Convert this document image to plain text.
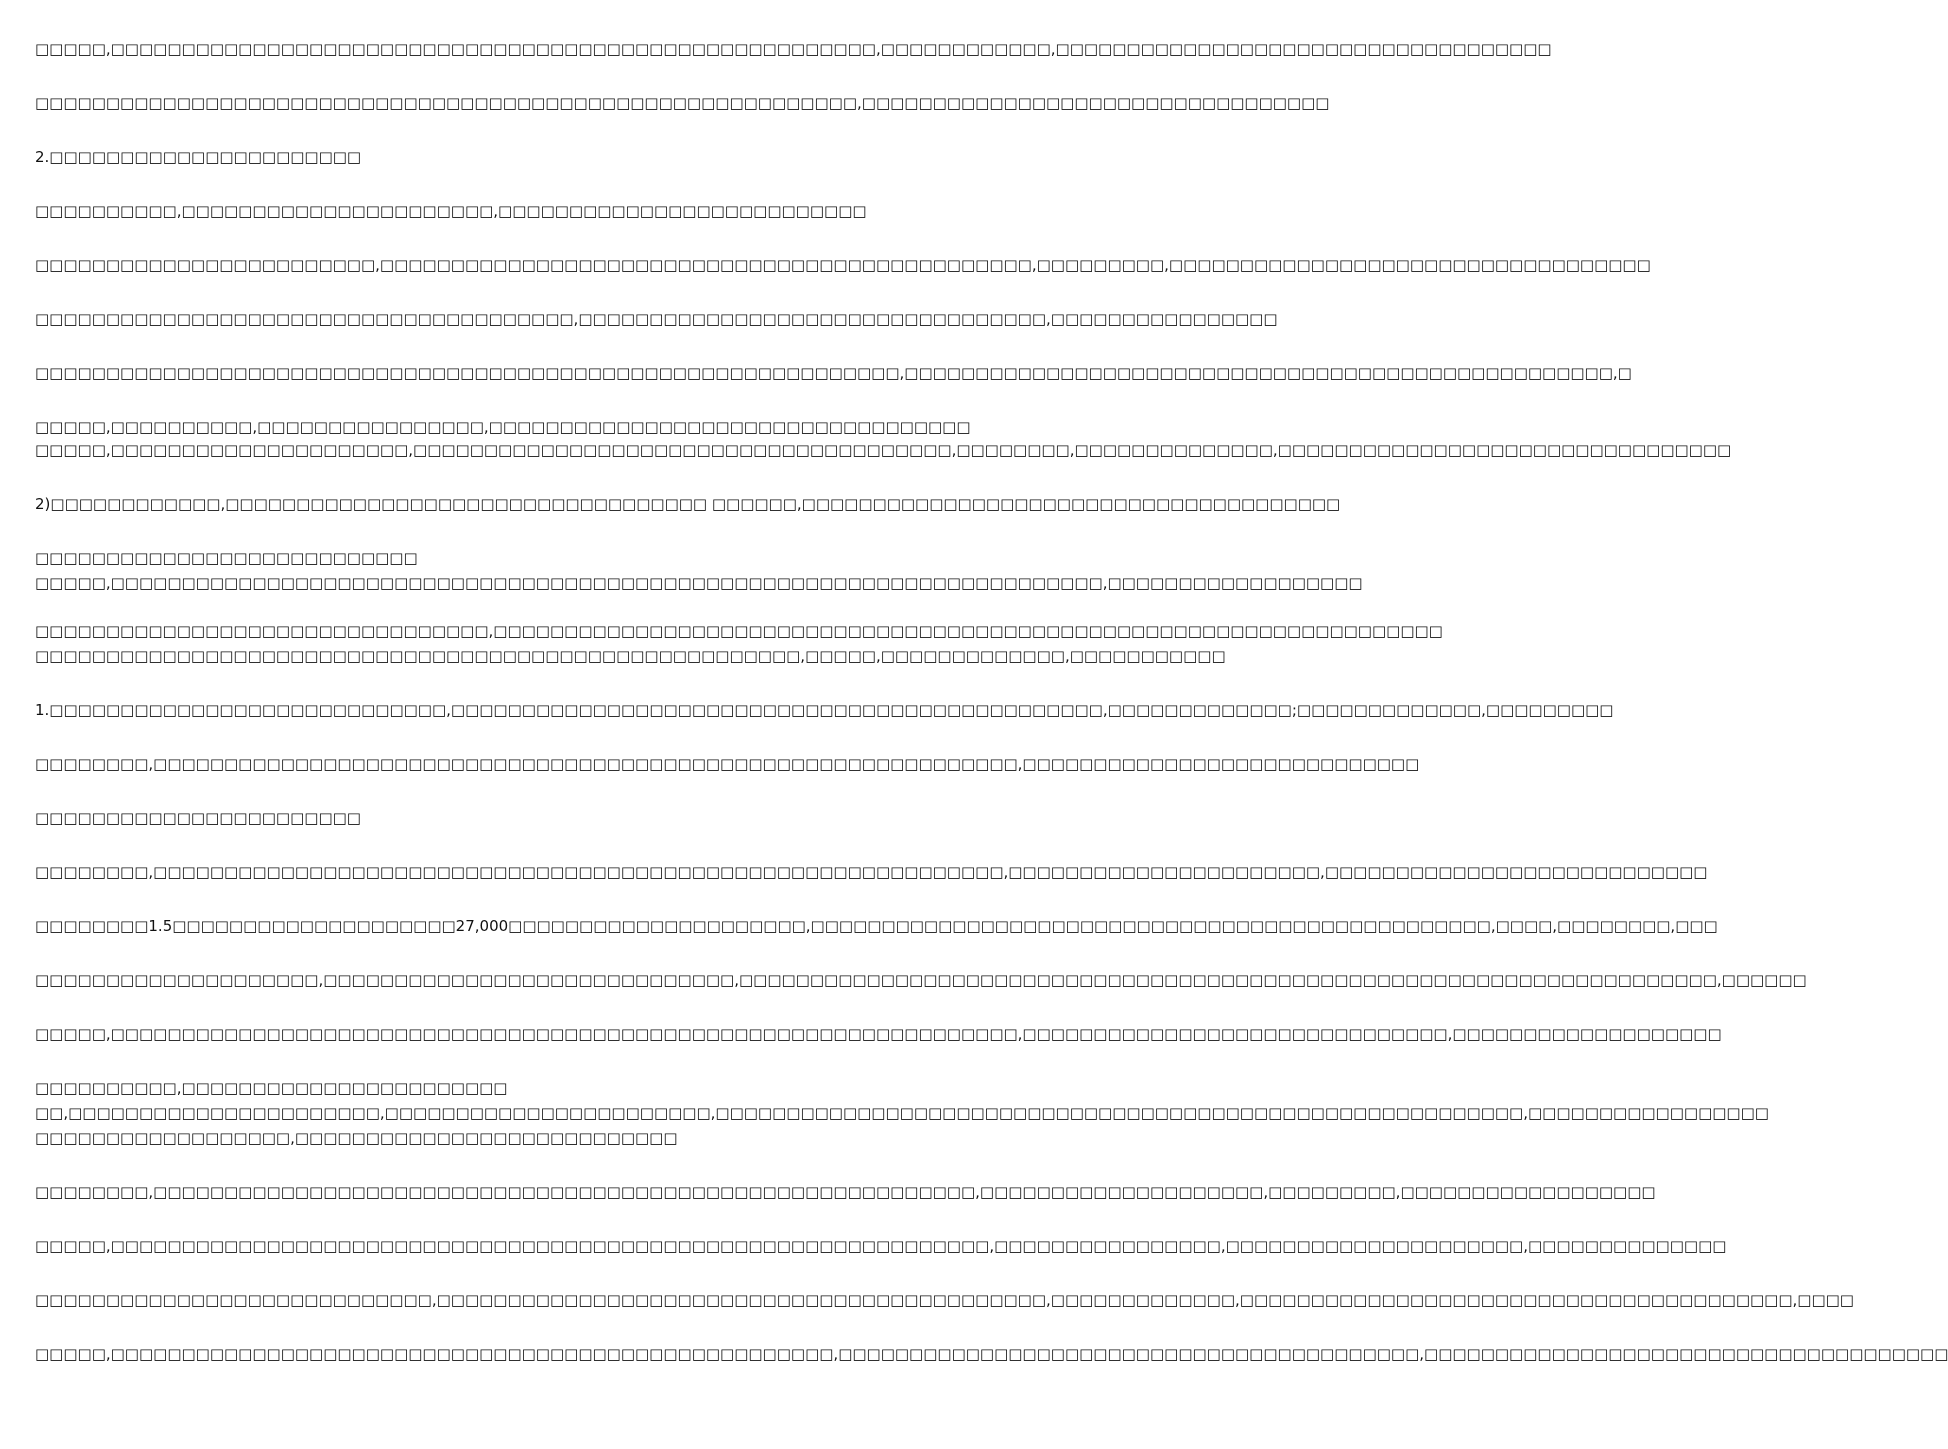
□□□□□,□□□□□□□□□□□□□□□□□□□□□□□□□□□□□□□□□□□□□□□□□□□□□□□□□□□□□□,□□□□□□□□□□□□,□□□□□□□□□□□□□□□□□□□□□□□□□□□□□□□□□□□
□□□□□□□□□□□□□□□□□□□□□□□□□□□□□□□□□□□□□□□□□□□□□□□□□□□□□□□□□□,□□□□□□□□□□□□□□□□□□□□□□□□□□□□□□□□□
2.□□□□□□□□□□□□□□□□□□□□□□
□□□□□□□□□□,□□□□□□□□□□□□□□□□□□□□□□,□□□□□□□□□□□□□□□□□□□□□□□□□□
□□□□□□□□□□□□□□□□□□□□□□□□,□□□□□□□□□□□□□□□□□□□□□□□□□□□□□□□□□□□□□□□□□□□□□□,□□□□□□□□□,□□□□□□□□□□□□□□□□□□□□□□□□□□□□□□□□□□
□□□□□□□□□□□□□□□□□□□□□□□□□□□□□□□□□□□□□□,□□□□□□□□□□□□□□□□□□□□□□□□□□□□□□□□□,□□□□□□□□□□□□□□□□
□□□□□□□□□□□□□□□□□□□□□□□□□□□□□□□□□□□□□□□□□□□□□□□□□□□□□□□□□□□□□,□□□□□□□□□□□□□□□□□□□□□□□□□□□□□□□□□□□□□□□□□□□□□□□□□□,□
□□□□□,□□□□□□□□□□,□□□□□□□□□□□□□□□□,□□□□□□□□□□□□□□□□□□□□□□□□□□□□□□□□□□
□□□□□,□□□□□□□□□□□□□□□□□□□□□,□□□□□□□□□□□□□□□□□□□□□□□□□□□□□□□□□□□□□□,□□□□□□□□,□□□□□□□□□□□□□□,□□□□□□□□□□□□□□□□□□□□□□□□□□□□□□□□
2)□□□□□□□□□□□□,□□□□□□□□□□□□□□□□□□□□□□□□□□□□□□□□□□ □□□□□□,□□□□□□□□□□□□□□□□□□□□□□□□□□□□□□□□□□□□□□
□□□□□□□□□□□□□□□□□□□□□□□□□□□
□□□□□,□□□□□□□□□□□□□□□□□□□□□□□□□□□□□□□□□□□□□□□□□□□□□□□□□□□□□□□□□□□□□□□□□□□□□□,□□□□□□□□□□□□□□□□□□
□□□□□□□□□□□□□□□□□□□□□□□□□□□□□□□□,□□□□□□□□□□□□□□□□□□□□□□□□□□□□□□□□□□□□□□□□□□□□□□□□□□□□□□□□□□□□□□□□□□□
□□□□□□□□□□□□□□□□□□□□□□□□□□□□□□□□□□□□□□□□□□□□□□□□□□□□□□,□□□□□,□□□□□□□□□□□□□,□□□□□□□□□□□
1.□□□□□□□□□□□□□□□□□□□□□□□□□□□□,□□□□□□□□□□□□□□□□□□□□□□□□□□□□□□□□□□□□□□□□□□□□□□,□□□□□□□□□□□□□;□□□□□□□□□□□□□,□□□□□□□□□
□□□□□□□□,□□□□□□□□□□□□□□□□□□□□□□□□□□□□□□□□□□□□□□□□□□□□□□□□□□□□□□□□□□□□□,□□□□□□□□□□□□□□□□□□□□□□□□□□□□
□□□□□□□□□□□□□□□□□□□□□□□
□□□□□□□□,□□□□□□□□□□□□□□□□□□□□□□□□□□□□□□□□□□□□□□□□□□□□□□□□□□□□□□□□□□□□,□□□□□□□□□□□□□□□□□□□□□□,□□□□□□□□□□□□□□□□□□□□□□□□□□□
□□□□□□□□1.5□□□□□□□□□□□□□□□□□□□□27,000□□□□□□□□□□□□□□□□□□□□□,□□□□□□□□□□□□□□□□□□□□□□□□□□□□□□□□□□□□□□□□□□□□□□□□,□□□□,□□□□□□□□,□□□
□□□□□□□□□□□□□□□□□□□□,□□□□□□□□□□□□□□□□□□□□□□□□□□□□□,□□□□□□□□□□□□□□□□□□□□□□□□□□□□□□□□□□□□□□□□□□□□□□□□□□□□□□□□□□□□□□□□□□□□□,□□□□□□
□□□□□,□□□□□□□□□□□□□□□□□□□□□□□□□□□□□□□□□□□□□□□□□□□□□□□□□□□□□□□□□□□□□□□□,□□□□□□□□□□□□□□□□□□□□□□□□□□□□□□,□□□□□□□□□□□□□□□□□□□
□□□□□□□□□□,□□□□□□□□□□□□□□□□□□□□□□□
□□,□□□□□□□□□□□□□□□□□□□□□□,□□□□□□□□□□□□□□□□□□□□□□□,□□□□□□□□□□□□□□□□□□□□□□□□□□□□□□□□□□□□□□□□□□□□□□□□□□□□□□□□□,□□□□□□□□□□□□□□□□□
□□□□□□□□□□□□□□□□□□,□□□□□□□□□□□□□□□□□□□□□□□□□□□
□□□□□□□□,□□□□□□□□□□□□□□□□□□□□□□□□□□□□□□□□□□□□□□□□□□□□□□□□□□□□□□□□□□,□□□□□□□□□□□□□□□□□□□□,□□□□□□□□□,□□□□□□□□□□□□□□□□□□
□□□□□,□□□□□□□□□□□□□□□□□□□□□□□□□□□□□□□□□□□□□□□□□□□□□□□□□□□□□□□□□□□□□□,□□□□□□□□□□□□□□□□,□□□□□□□□□□□□□□□□□□□□□,□□□□□□□□□□□□□□
□□□□□□□□□□□□□□□□□□□□□□□□□□□□,□□□□□□□□□□□□□□□□□□□□□□□□□□□□□□□□□□□□□□□□□□□,□□□□□□□□□□□□□,□□□□□□□□□□□□□□□□□□□□□□□□□□□□□□□□□□□□□□□,□□□□
□□□□□,□□□□□□□□□□□□□□□□□□□□□□□□□□□□□□□□□□□□□□□□□□□□□□□□□□□,□□□□□□□□□□□□□□□□□□□□□□□□□□□□□□□□□□□□□□□□□,□□□□□□□□□□□□□□□□□□□□□□□□□□□□□□□□□□□□□
